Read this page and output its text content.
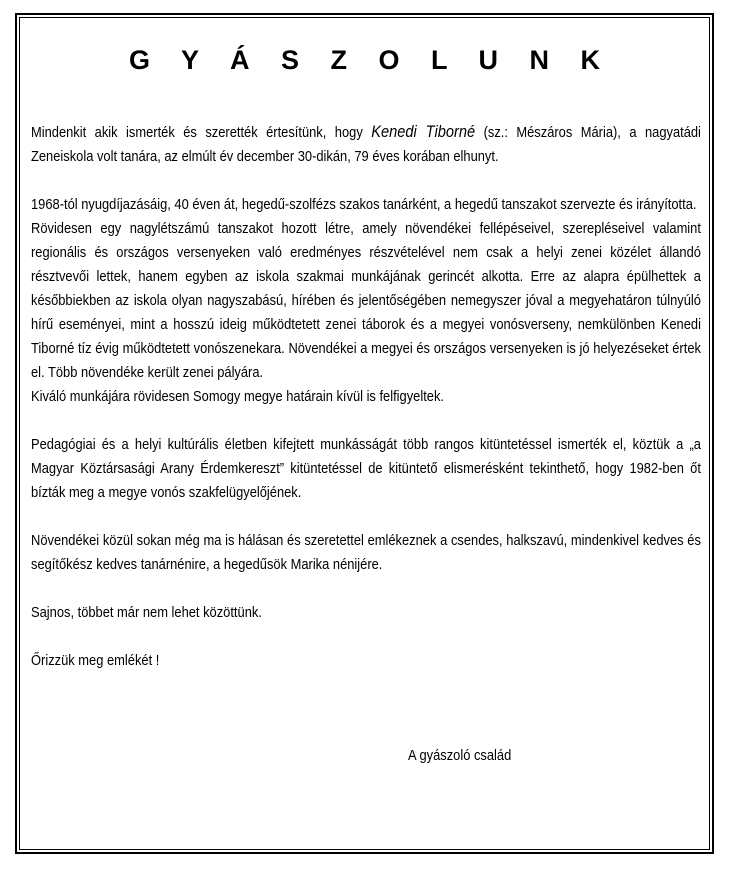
G Y Á S Z O L U N K

Mindenkit akik ismerték és szerették értesítünk, hogy Kenedi Tiborné (sz.: Mészáros Mária), a nagyatádi Zeneiskola volt tanára, az elmúlt év december 30-dikán, 79 éves korában elhunyt.

1968-tól nyugdíjazásáig, 40 éven át, hegedű-szolfézs szakos tanárként, a hegedű tanszakot szervezte és irányította.

Rövidesen egy nagylétszámú tanszakot hozott létre, amely növendékei fellépéseivel, szerepléseivel valamint regionális és országos versenyeken való eredményes részvételével nem csak a helyi zenei közélet állandó résztvevői lettek, hanem egyben az iskola szakmai munkájának gerincét alkotta. Erre az alapra épülhettek a későbbiekben az iskola olyan nagyszabású, hírében és jelentőségében nemegyszer jóval a megyehatáron túlnyúló hírű eseményei, mint a hosszú ideig működtetett zenei táborok és a megyei vonósverseny, nemkülönben Kenedi Tiborné tíz évig működtetett vonószenekara. Növendékei a megyei és országos versenyeken is jó helyezéseket értek el. Több növendéke került zenei pályára.

Kiváló munkájára rövidesen Somogy megye határain kívül is felfigyeltek.

Pedagógiai és a helyi kultúrális életben kifejtett munkásságát több rangos kitüntetéssel ismerték el, köztük a „a Magyar Köztársasági Arany Érdemkereszt” kitüntetéssel de kitüntető elismerésként tekinthető, hogy 1982-ben őt bízták meg a megye vonós szakfelügyelőjének.

Növendékei közül sokan még ma is hálásan és szeretettel emlékeznek a csendes, halkszavú, mindenkivel kedves és segítőkész kedves tanárnénire, a hegedűsök Marika nénijére.

Sajnos, többet már nem lehet közöttünk.

Őrizzük meg emlékét !

A gyászoló család
